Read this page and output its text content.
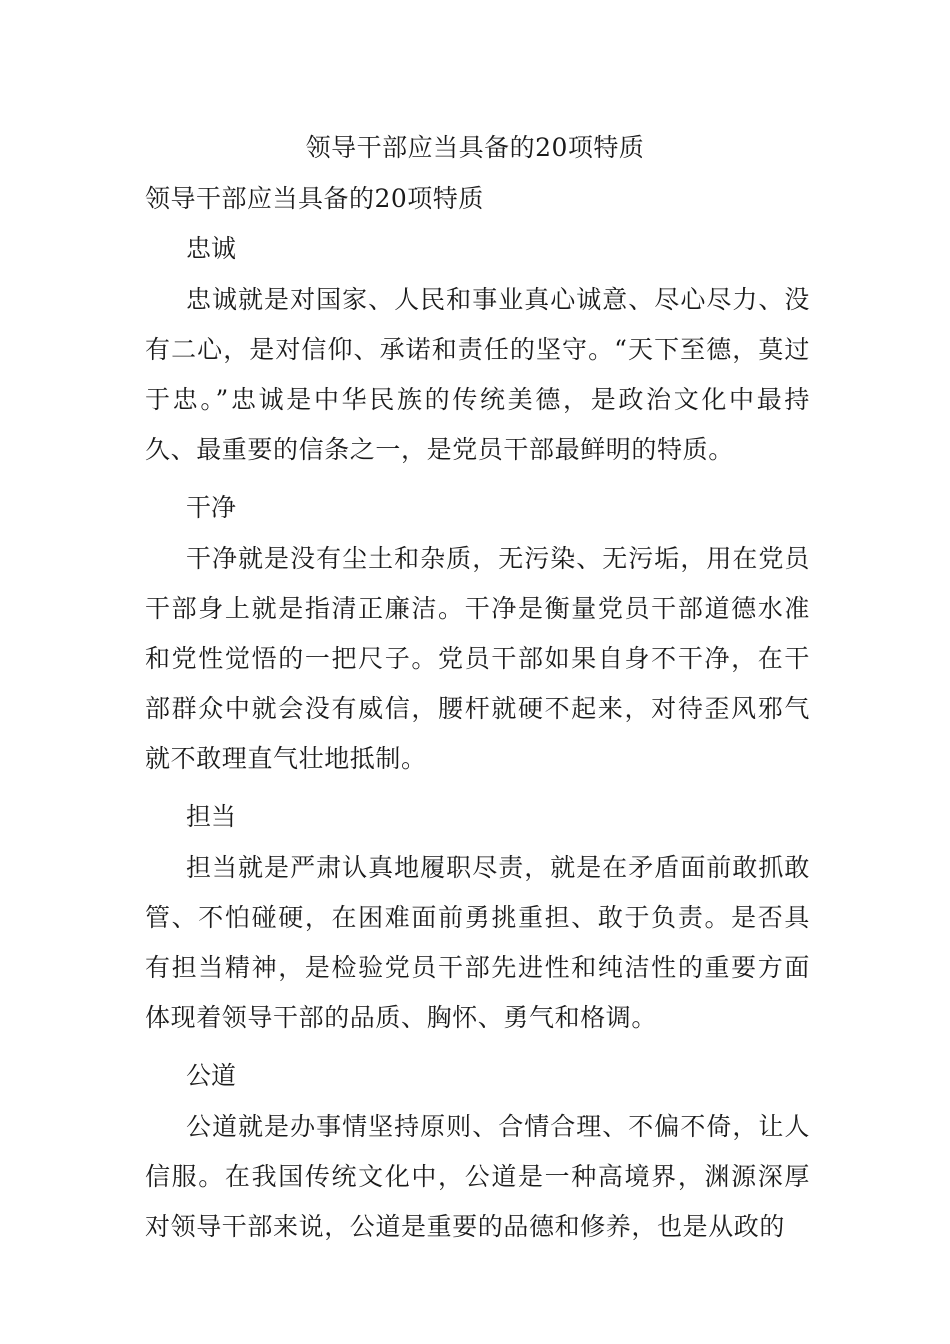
领导干部应当具备的20项特质
领导干部应当具备的20项特质
忠诚

忠诚就是对国家、人民和事业真心诚意、尽心尽力、没有二心，是对信仰、承诺和责任的坚守。“天下至德，莫过于忠。”忠诚是中华民族的传统美德，是政治文化中最持久、最重要的信条之一，是党员干部最鲜明的特质。

干净

干净就是没有尘土和杂质，无污染、无污垢，用在党员干部身上就是指清正廉洁。干净是衡量党员干部道德水准和党性觉悟的一把尺子。党员干部如果自身不干净，在干部群众中就会没有威信，腰杆就硬不起来，对待歪风邪气就不敢理直气壮地抵制。

担当

担当就是严肃认真地履职尽责，就是在矛盾面前敢抓敢管、不怕碰硬，在困难面前勇挑重担、敢于负责。是否具有担当精神，是检验党员干部先进性和纯洁性的重要方面体现着领导干部的品质、胸怀、勇气和格调。

公道

公道就是办事情坚持原则、合情合理、不偏不倚，让人信服。在我国传统文化中，公道是一种高境界，渊源深厚对领导干部来说，公道是重要的品德和修养，也是从政的
